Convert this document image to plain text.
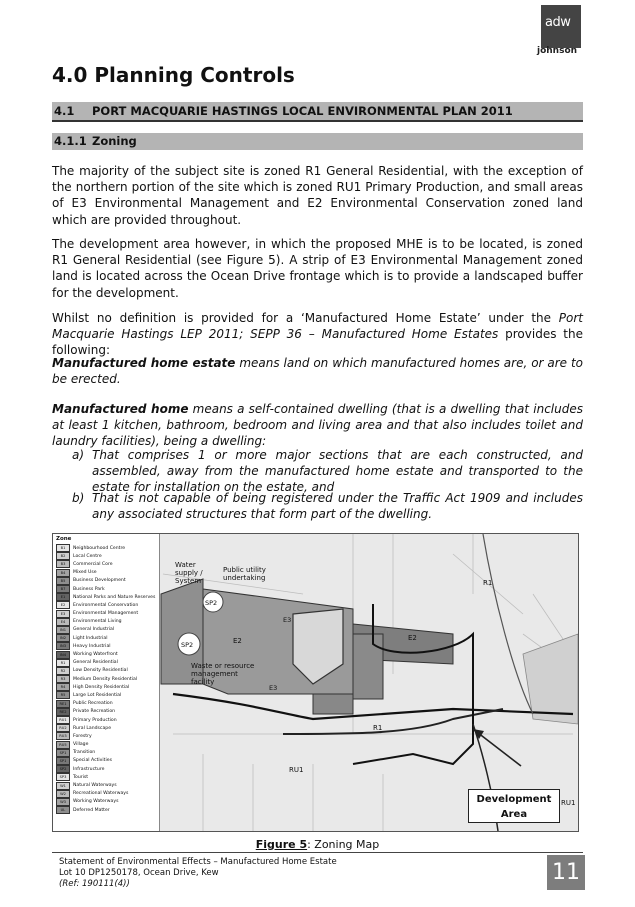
adw
johnson
4.0 Planning Controls
4.1 PORT MACQUARIE HASTINGS LOCAL ENVIRONMENTAL PLAN 2011
4.1.1 Zoning
The majority of the subject site is zoned R1 General Residential, with the exception of the northern portion of the site which is zoned RU1 Primary Production, and small areas of E3 Environmental Management and E2 Environmental Conservation zoned land which are provided throughout.
The development area however, in which the proposed MHE is to be located, is zoned R1 General Residential (see Figure 5). A strip of E3 Environmental Management zoned land is located across the Ocean Drive frontage which is to provide a landscaped buffer for the development.
Whilst no definition is provided for a ‘Manufactured Home Estate’ under the Port Macquarie Hastings LEP 2011; SEPP 36 – Manufactured Home Estates provides the following:
Manufactured home estate means land on which manufactured homes are, or are to be erected.
Manufactured home means a self-contained dwelling (that is a dwelling that includes at least 1 kitchen, bathroom, bedroom and living area and that also includes toilet and laundry facilities), being a dwelling:
a) That comprises 1 or more major sections that are each constructed, and assembled, away from the manufactured home estate and transported to the estate for installation on the estate, and
b) That is not capable of being registered under the Traffic Act 1909 and includes any associated structures that form part of the dwelling.
Zone
B1	Neighbourhood Centre
B2	Local Centre
B3	Commercial Core
B4	Mixed Use
B5	Business Development
B7	Business Park
E1	National Parks and Nature Reserves
E2	Environmental Conservation
E3	Environmental Management
E4	Environmental Living
IN1	General Industrial
IN2	Light Industrial
IN3	Heavy Industrial
IN4	Working Waterfront
R1	General Residential
R2	Low Density Residential
R3	Medium Density Residential
R4	High Density Residential
R5	Large Lot Residential
RE1	Public Recreation
RE2	Private Recreation
RU1	Primary Production
RU2	Rural Landscape
RU3	Forestry
RU5	Village
SP1	Transition
SP1	Special Activities
SP2	Infrastructure
SP3	Tourist
W1	Natural Waterways
W2	Recreational Waterways
W3	Working Waterways
UL	Deferred Matter
Water supply / System
Public utility undertaking
SP2
SP2
Waste or resource management facility
E2	E2
R1
R1
E3
E3
RU1
RU1
Development Area
Figure 5: Zoning Map
Statement of Environmental Effects – Manufactured Home Estate
Lot 10 DP1250178, Ocean Drive, Kew
(Ref: 190111(4))	11
